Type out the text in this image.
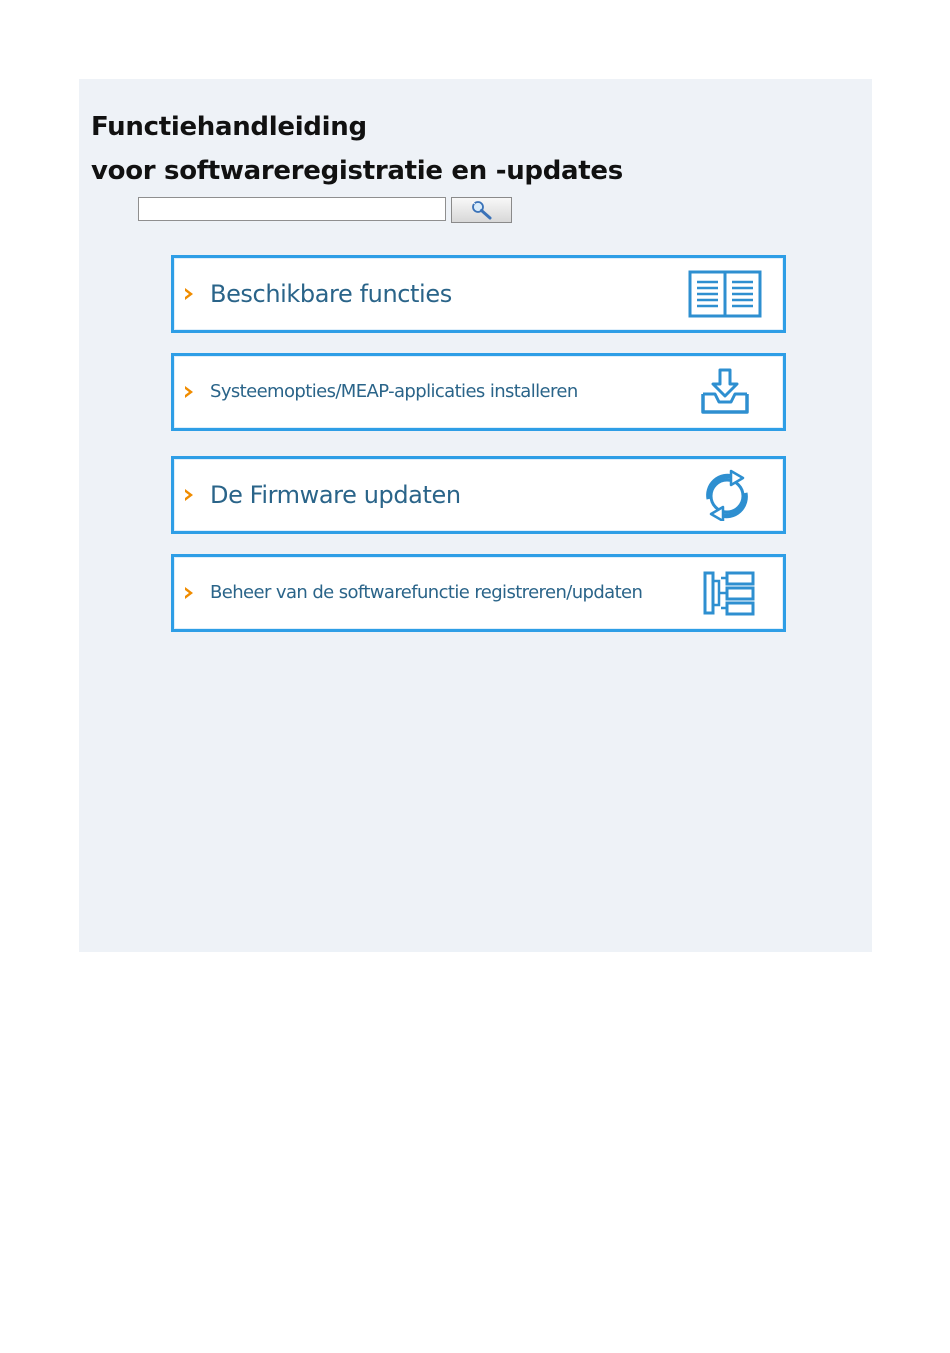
Functiehandleiding
voor softwareregistratie en -updates
Beschikbare functies
Systeemopties/MEAP-applicaties installeren
De Firmware updaten
Beheer van de softwarefunctie registreren/updaten
